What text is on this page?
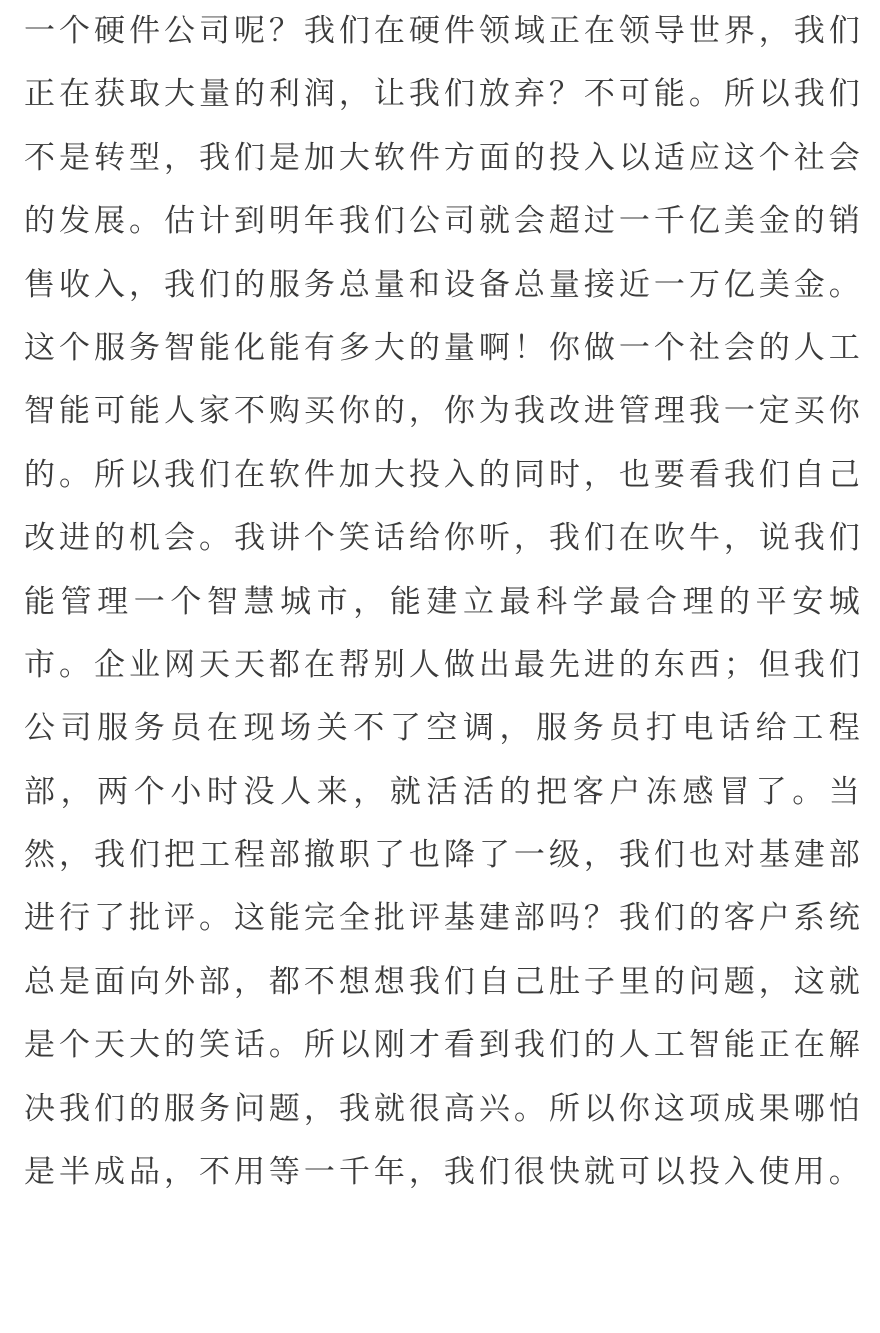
一个硬件公司呢？我们在硬件领域正在领导世界，我们

正在获取大量的利润，让我们放弃？不可能。所以我们

不是转型，我们是加大软件方面的投入以适应这个社会

的发展。估计到明年我们公司就会超过一千亿美金的销

售收入，我们的服务总量和设备总量接近一万亿美金。

这个服务智能化能有多大的量啊！你做一个社会的人工

智能可能人家不购买你的，你为我改进管理我一定买你

的。所以我们在软件加大投入的同时，也要看我们自己

改进的机会。我讲个笑话给你听，我们在吹牛，说我们

能管理一个智慧城市，能建立最科学最合理的平安城

市。企业网天天都在帮别人做出最先进的东西；但我们

公司服务员在现场关不了空调，服务员打电话给工程

部，两个小时没人来，就活活的把客户冻感冒了。当

然，我们把工程部撤职了也降了一级，我们也对基建部

进行了批评。这能完全批评基建部吗？我们的客户系统

总是面向外部，都不想想我们自己肚子里的问题，这就

是个天大的笑话。所以刚才看到我们的人工智能正在解

决我们的服务问题，我就很高兴。所以你这项成果哪怕

是半成品，不用等一千年，我们很快就可以投入使用。
